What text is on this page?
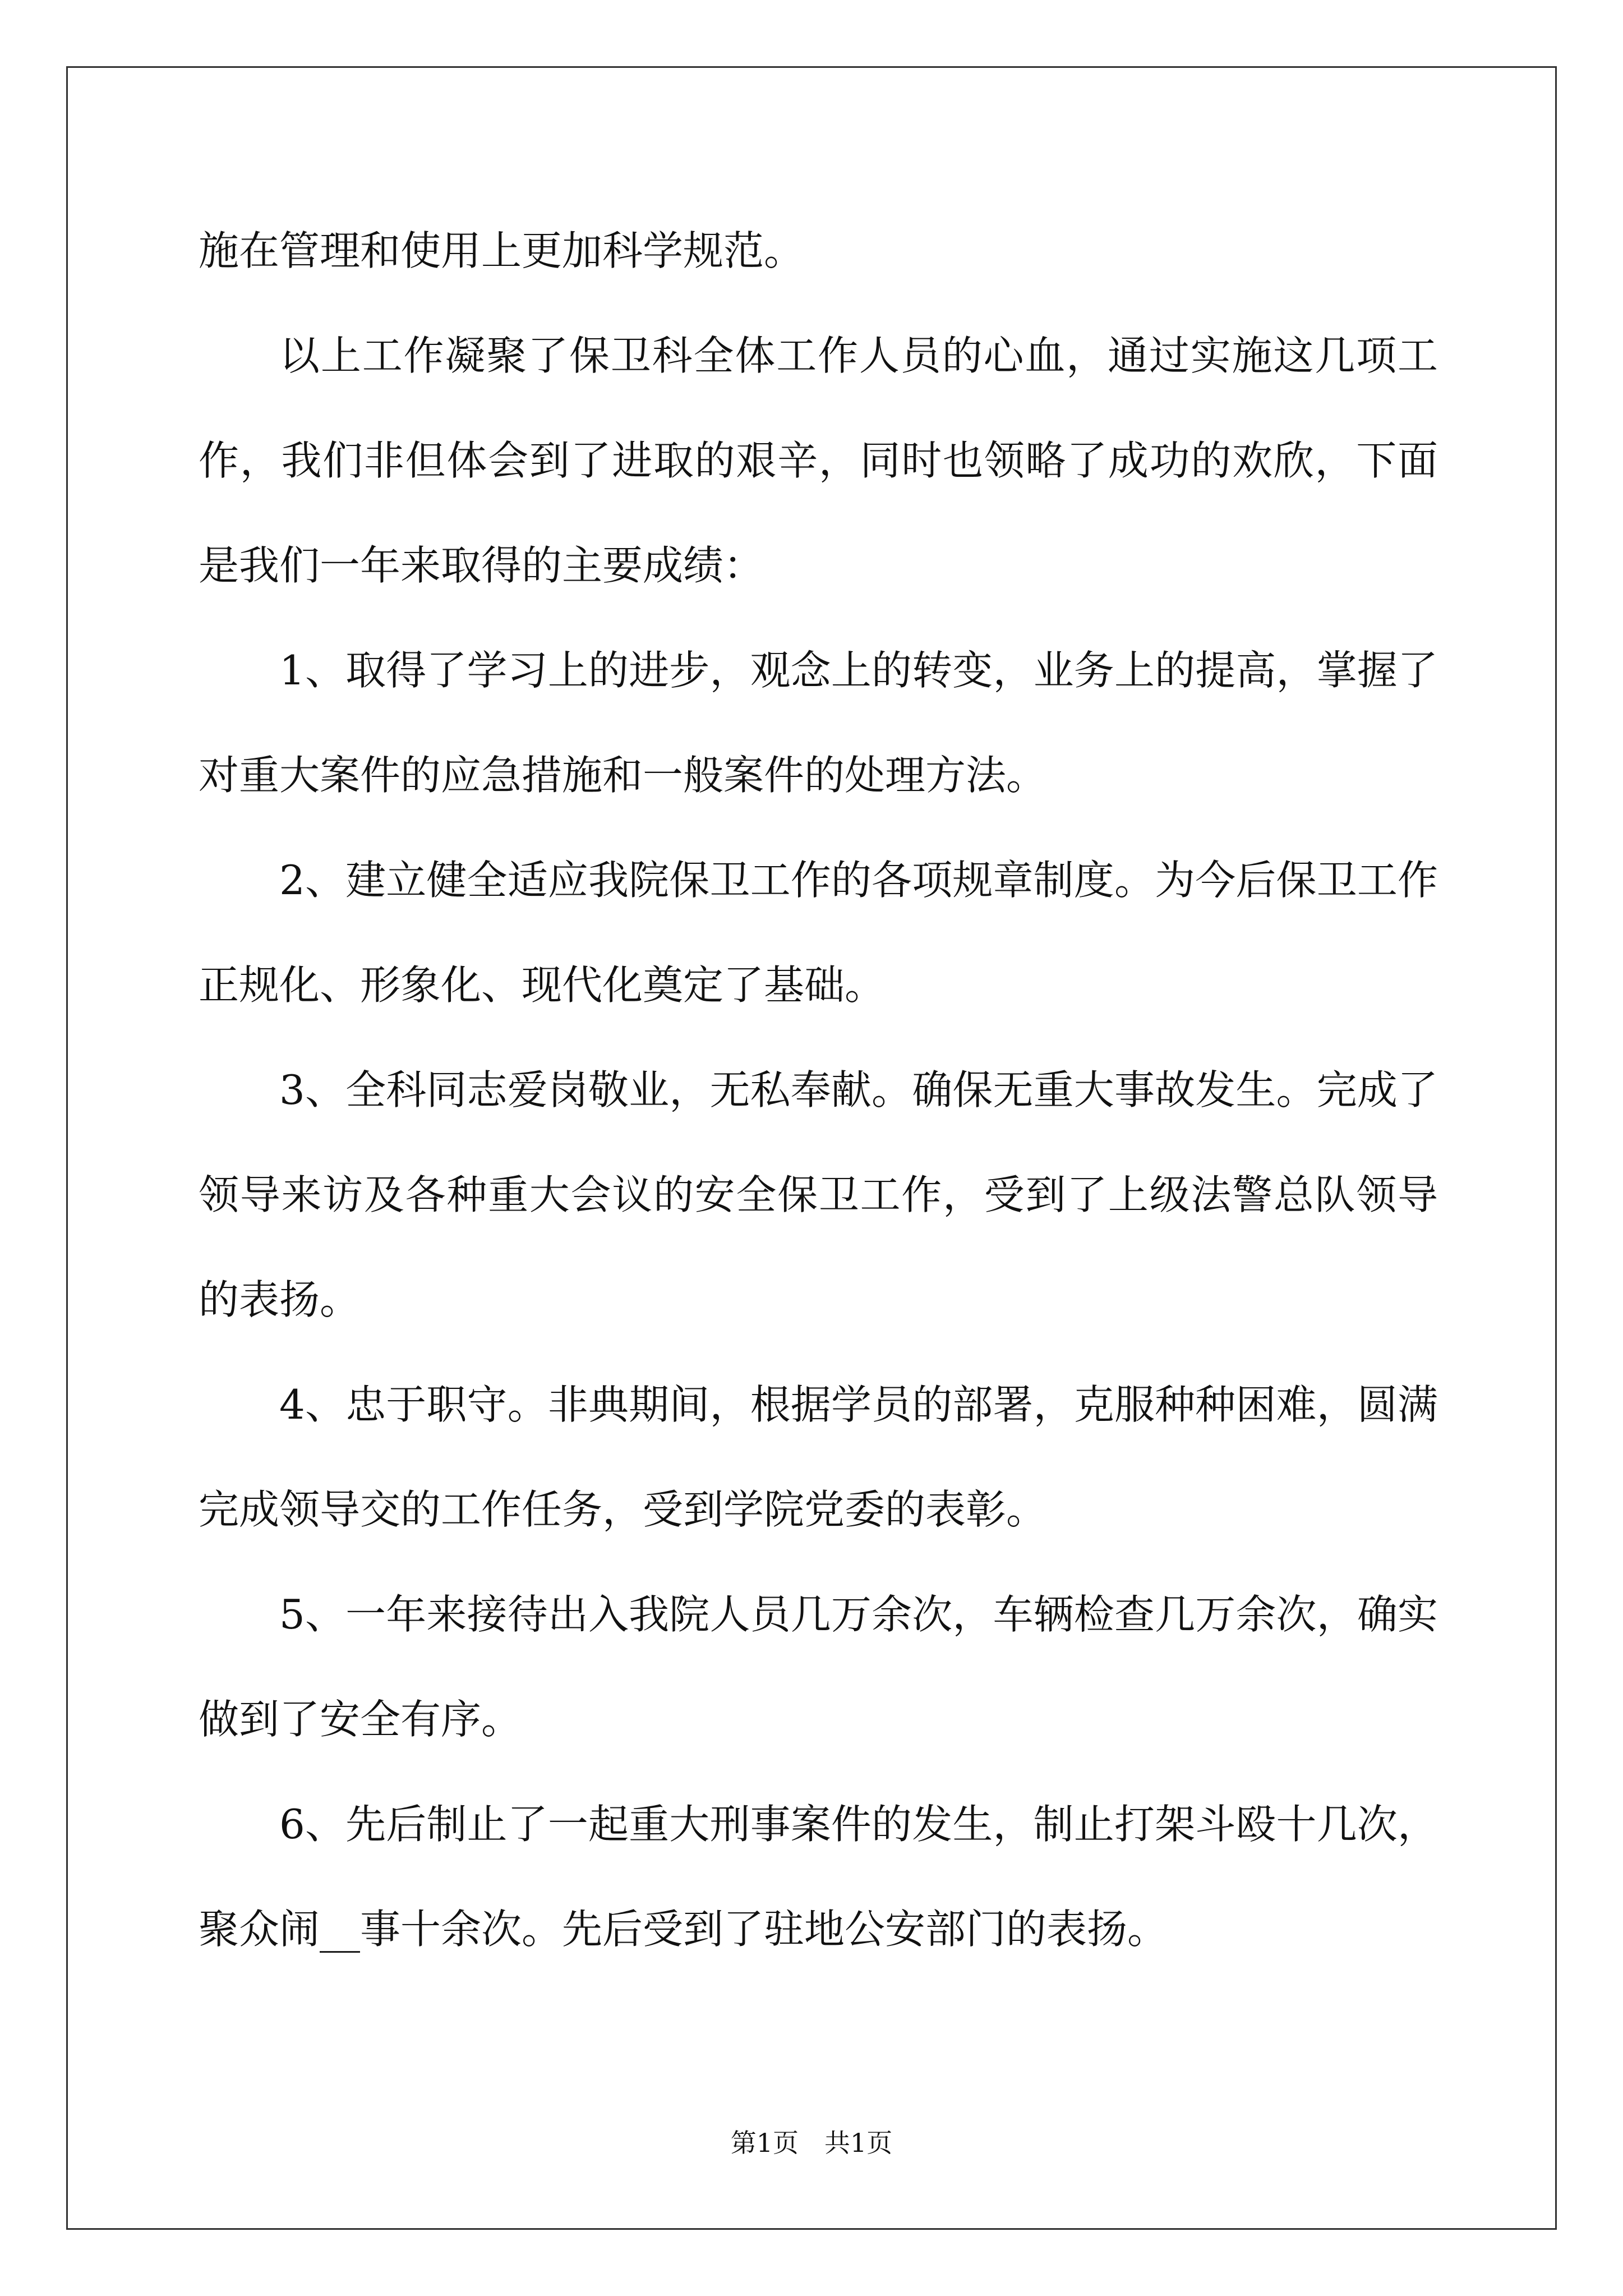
施在管理和使用上更加科学规范。

以上工作凝聚了保卫科全体工作人员的心血，通过实施这几项工作，我们非但体会到了进取的艰辛，同时也领略了成功的欢欣，下面是我们一年来取得的主要成绩：

1、取得了学习上的进步，观念上的转变，业务上的提高，掌握了对重大案件的应急措施和一般案件的处理方法。

2、建立健全适应我院保卫工作的各项规章制度。为今后保卫工作正规化、形象化、现代化奠定了基础。

3、全科同志爱岗敬业，无私奉献。确保无重大事故发生。完成了领导来访及各种重大会议的安全保卫工作，受到了上级法警总队领导的表扬。

4、忠于职守。非典期间，根据学员的部署，克服种种困难，圆满完成领导交的工作任务，受到学院党委的表彰。

5、一年来接待出入我院人员几万余次，车辆检查几万余次，确实做到了安全有序。

6、先后制止了一起重大刑事案件的发生，制止打架斗殴十几次，聚众闹__事十余次。先后受到了驻地公安部门的表扬。

第1页　共1页
